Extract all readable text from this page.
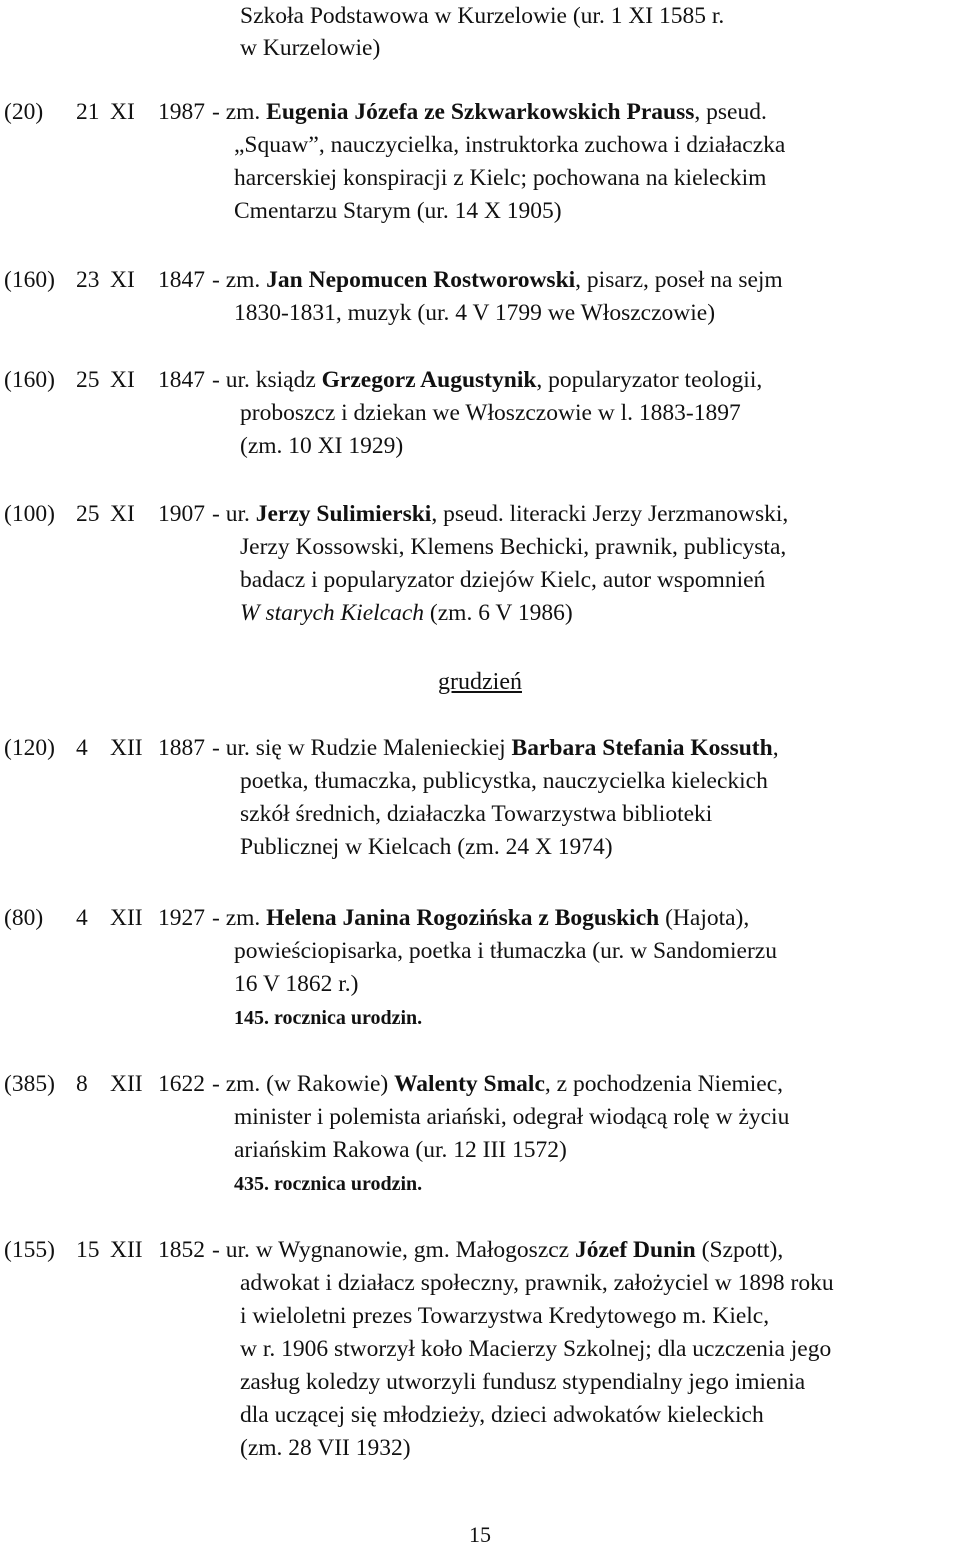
Szkoła Podstawowa w Kurzelowie (ur. 1 XI 1585 r.
w Kurzelowie)
(20) 21 XI 1987 - zm. Eugenia Józefa ze Szkwarkowskich Prauss, pseud.
„Squaw”, nauczycielka, instruktorka zuchowa i działaczka
harcerskiej konspiracji z Kielc; pochowana na kieleckim
Cmentarzu Starym (ur. 14 X 1905)
(160) 23 XI 1847 - zm. Jan Nepomucen Rostworowski, pisarz, poseł na sejm
1830-1831, muzyk (ur. 4 V 1799 we Włoszczowie)
(160) 25 XI 1847 - ur. ksiądz Grzegorz Augustynik, popularyzator teologii,
proboszcz i dziekan we Włoszczowie w l. 1883-1897
(zm. 10 XI 1929)
(100) 25 XI 1907 - ur. Jerzy Sulimierski, pseud. literacki Jerzy Jerzmanowski,
Jerzy Kossowski, Klemens Bechicki, prawnik, publicysta,
badacz i popularyzator dziejów Kielc, autor wspomnień
W starych Kielcach (zm. 6 V 1986)
grudzień
(120) 4 XII 1887 - ur. się w Rudzie Malenieckiej Barbara Stefania Kossuth,
poetka, tłumaczka, publicystka, nauczycielka kieleckich
szkół średnich, działaczka Towarzystwa biblioteki
Publicznej w Kielcach (zm. 24 X 1974)
(80) 4 XII 1927 - zm. Helena Janina Rogozińska z Boguskich (Hajota),
powieściopisarka, poetka i tłumaczka (ur. w Sandomierzu
16 V 1862 r.)
145. rocznica urodzin.
(385) 8 XII 1622 - zm. (w Rakowie) Walenty Smalc, z pochodzenia Niemiec,
minister i polemista ariański, odegrał wiodącą rolę w życiu
ariańskim Rakowa (ur. 12 III 1572)
435. rocznica urodzin.
(155) 15 XII 1852 - ur. w Wygnanowie, gm. Małogoszcz Józef Dunin (Szpott),
adwokat i działacz społeczny, prawnik, założyciel w 1898 roku
i wieloletni prezes Towarzystwa Kredytowego m. Kielc,
w r. 1906 stworzył koło Macierzy Szkolnej; dla uczczenia jego
zasług koledzy utworzyli fundusz stypendialny jego imienia
dla uczącej się młodzieży, dzieci adwokatów kieleckich
(zm. 28 VII 1932)
15
